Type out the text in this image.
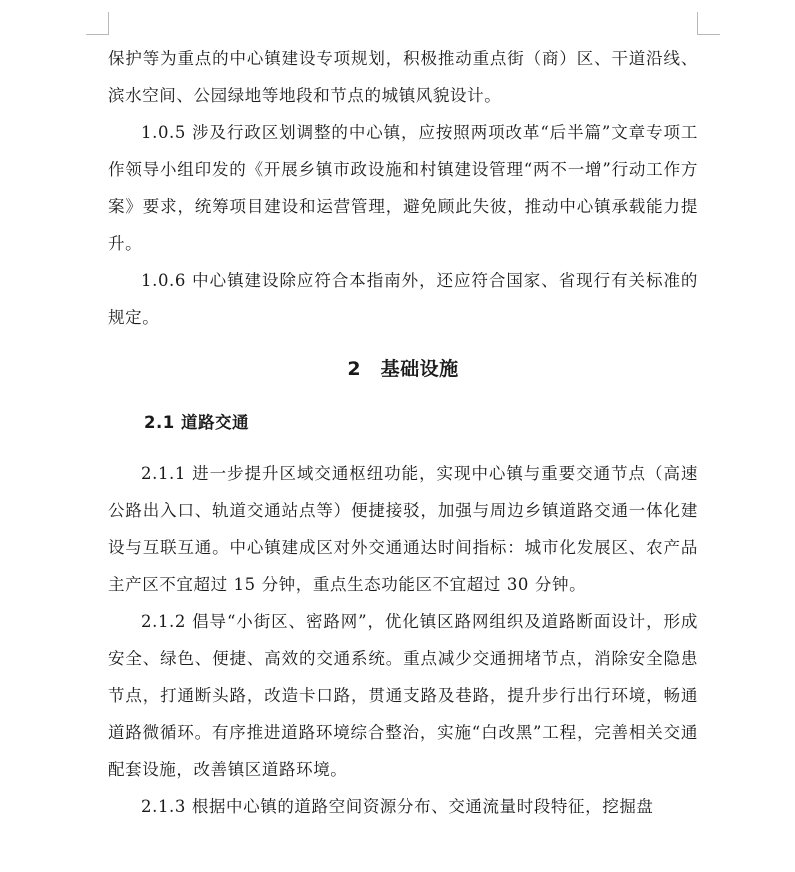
保护等为重点的中心镇建设专项规划，积极推动重点街（商）区、干道沿线、滨水空间、公园绿地等地段和节点的城镇风貌设计。

1.0.5 涉及行政区划调整的中心镇，应按照两项改革“后半篇”文章专项工作领导小组印发的《开展乡镇市政设施和村镇建设管理“两不一增”行动工作方案》要求，统筹项目建设和运营管理，避免顾此失彼，推动中心镇承载能力提升。

1.0.6 中心镇建设除应符合本指南外，还应符合国家、省现行有关标准的规定。

2　基础设施
2.1 道路交通

2.1.1 进一步提升区域交通枢纽功能，实现中心镇与重要交通节点（高速公路出入口、轨道交通站点等）便捷接驳，加强与周边乡镇道路交通一体化建设与互联互通。中心镇建成区对外交通通达时间指标：城市化发展区、农产品主产区不宜超过 15 分钟，重点生态功能区不宜超过 30 分钟。

2.1.2 倡导“小街区、密路网”，优化镇区路网组织及道路断面设计，形成安全、绿色、便捷、高效的交通系统。重点减少交通拥堵节点，消除安全隐患节点，打通断头路，改造卡口路，贯通支路及巷路，提升步行出行环境，畅通道路微循环。有序推进道路环境综合整治，实施“白改黑”工程，完善相关交通配套设施，改善镇区道路环境。

2.1.3 根据中心镇的道路空间资源分布、交通流量时段特征，挖掘盘
